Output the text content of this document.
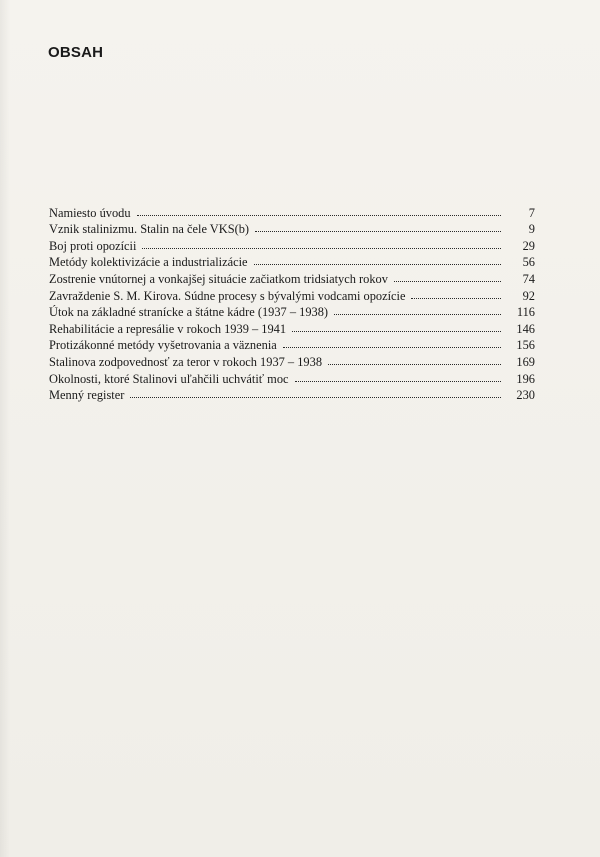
OBSAH
Namiesto úvodu	7
Vznik stalinizmu. Stalin na čele VKS(b)	9
Boj proti opozícii	29
Metódy kolektivizácie a industrializácie	56
Zostrenie vnútornej a vonkajšej situácie začiatkom tridsiatych rokov	74
Zavraždenie S. M. Kirova. Súdne procesy s bývalými vodcami opozície	92
Útok na základné stranícke a štátne kádre (1937 – 1938)	116
Rehabilitácie a represálie v rokoch 1939 – 1941	146
Protizákonné metódy vyšetrovania a väznenia	156
Stalinova zodpovednosť za teror v rokoch 1937 – 1938	169
Okolnosti, ktoré Stalinovi uľahčili uchvátiť moc	196
Menný register	230
